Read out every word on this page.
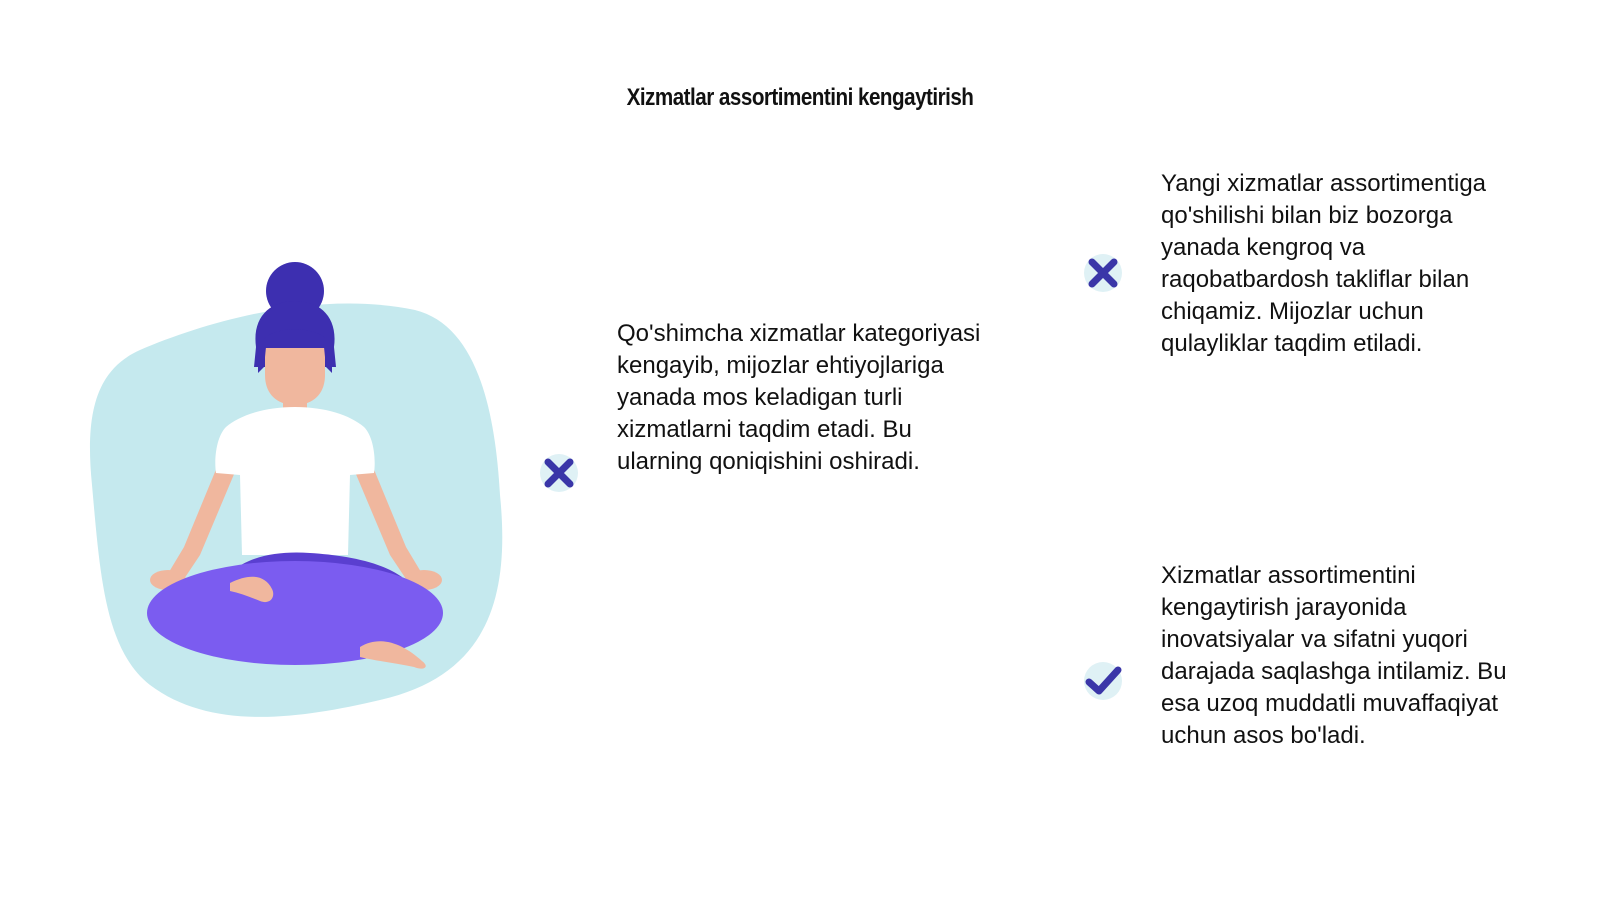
Xizmatlar assortimentini kengaytirish
Qo'shimcha xizmatlar kategoriyasi
kengayib, mijozlar ehtiyojlariga
yanada mos keladigan turli
xizmatlarni taqdim etadi. Bu
ularning qoniqishini oshiradi.
Yangi xizmatlar assortimentiga
qo'shilishi bilan biz bozorga
yanada kengroq va
raqobatbardosh takliflar bilan
chiqamiz. Mijozlar uchun
qulayliklar taqdim etiladi.
Xizmatlar assortimentini
kengaytirish jarayonida
inovatsiyalar va sifatni yuqori
darajada saqlashga intilamiz. Bu
esa uzoq muddatli muvaffaqiyat
uchun asos bo'ladi.
